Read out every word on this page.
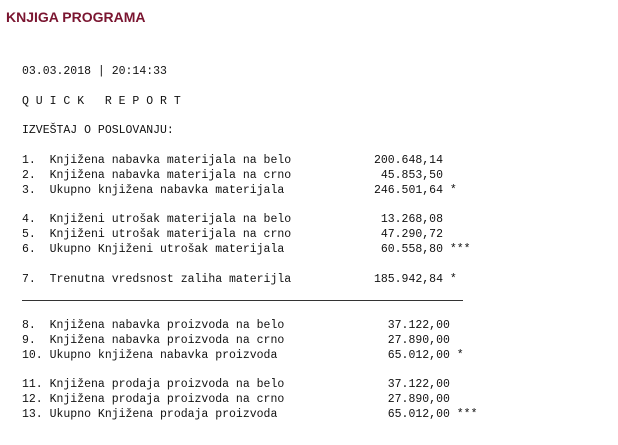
KNJIGA PROGRAMA
03.03.2018 | 20:14:33
Q U I C K   R E P O R T
IZVEŠTAJ O POSLOVANJU:
1.  Knjižena nabavka materijala na belo            200.648,14
2.  Knjižena nabavka materijala na crno             45.853,50
3.  Ukupno knjižena nabavka materijala             246.501,64 *
4.  Knjiženi utrošak materijala na belo             13.268,08
5.  Knjiženi utrošak materijala na crno             47.290,72
6.  Ukupno Knjiženi utrošak materijala              60.558,80 ***
7.  Trenutna vredsnost zaliha materijla            185.942,84 *
8.  Knjižena nabavka proizvoda na belo               37.122,00
9.  Knjižena nabavka proizvoda na crno               27.890,00
10. Ukupno knjižena nabavka proizvoda                65.012,00 *
11. Knjižena prodaja proizvoda na belo               37.122,00
12. Knjižena prodaja proizvoda na crno               27.890,00
13. Ukupno Knjižena prodaja proizvoda                65.012,00 ***
